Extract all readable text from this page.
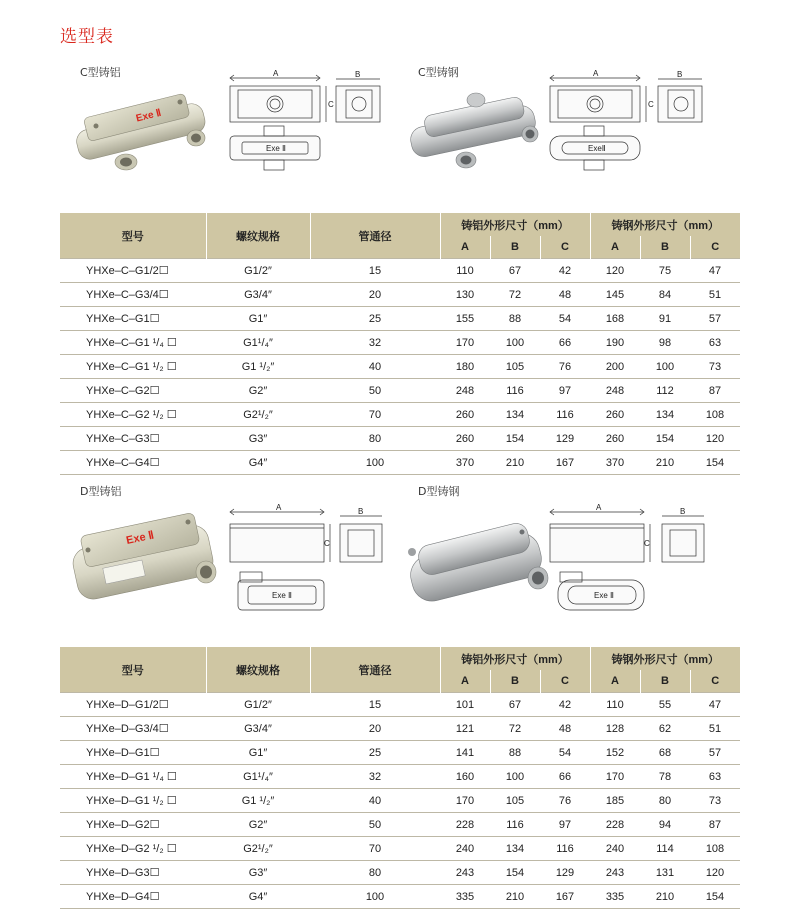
选型表
C型铸铝	C型铸钢
Exe Ⅱ
A	B
C
Exe Ⅱ
A	B
C
ExeⅡ
型号	螺纹规格	管通径	铸铝外形尺寸（mm）			铸钢外形尺寸（mm）		
			A	B	C	A	B	C
YHXe–C–G1/2☐	G1/2″	15	110	67	42	120	75	47
YHXe–C–G3/4☐	G3/4″	20	130	72	48	145	84	51
YHXe–C–G1☐	G1″	25	155	88	54	168	91	57
YHXe–C–G1 ¹/₄ ☐	G1¹/₄″	32	170	100	66	190	98	63
YHXe–C–G1 ¹/₂ ☐	G1 ¹/₂″	40	180	105	76	200	100	73
YHXe–C–G2☐	G2″	50	248	116	97	248	112	87
YHXe–C–G2 ¹/₂ ☐	G2¹/₂″	70	260	134	116	260	134	108
YHXe–C–G3☐	G3″	80	260	154	129	260	154	120
YHXe–C–G4☐	G4″	100	370	210	167	370	210	154
D型铸铝	D型铸钢
Exe Ⅱ
A	B
C
Exe Ⅱ
A	B
C
Exe Ⅱ
型号	螺纹规格	管通径	铸铝外形尺寸（mm）			铸钢外形尺寸（mm）		
			A	B	C	A	B	C
YHXe–D–G1/2☐	G1/2″	15	101	67	42	110	55	47
YHXe–D–G3/4☐	G3/4″	20	121	72	48	128	62	51
YHXe–D–G1☐	G1″	25	141	88	54	152	68	57
YHXe–D–G1 ¹/₄ ☐	G1¹/₄″	32	160	100	66	170	78	63
YHXe–D–G1 ¹/₂ ☐	G1 ¹/₂″	40	170	105	76	185	80	73
YHXe–D–G2☐	G2″	50	228	116	97	228	94	87
YHXe–D–G2 ¹/₂ ☐	G2¹/₂″	70	240	134	116	240	114	108
YHXe–D–G3☐	G3″	80	243	154	129	243	131	120
YHXe–D–G4☐	G4″	100	335	210	167	335	210	154
